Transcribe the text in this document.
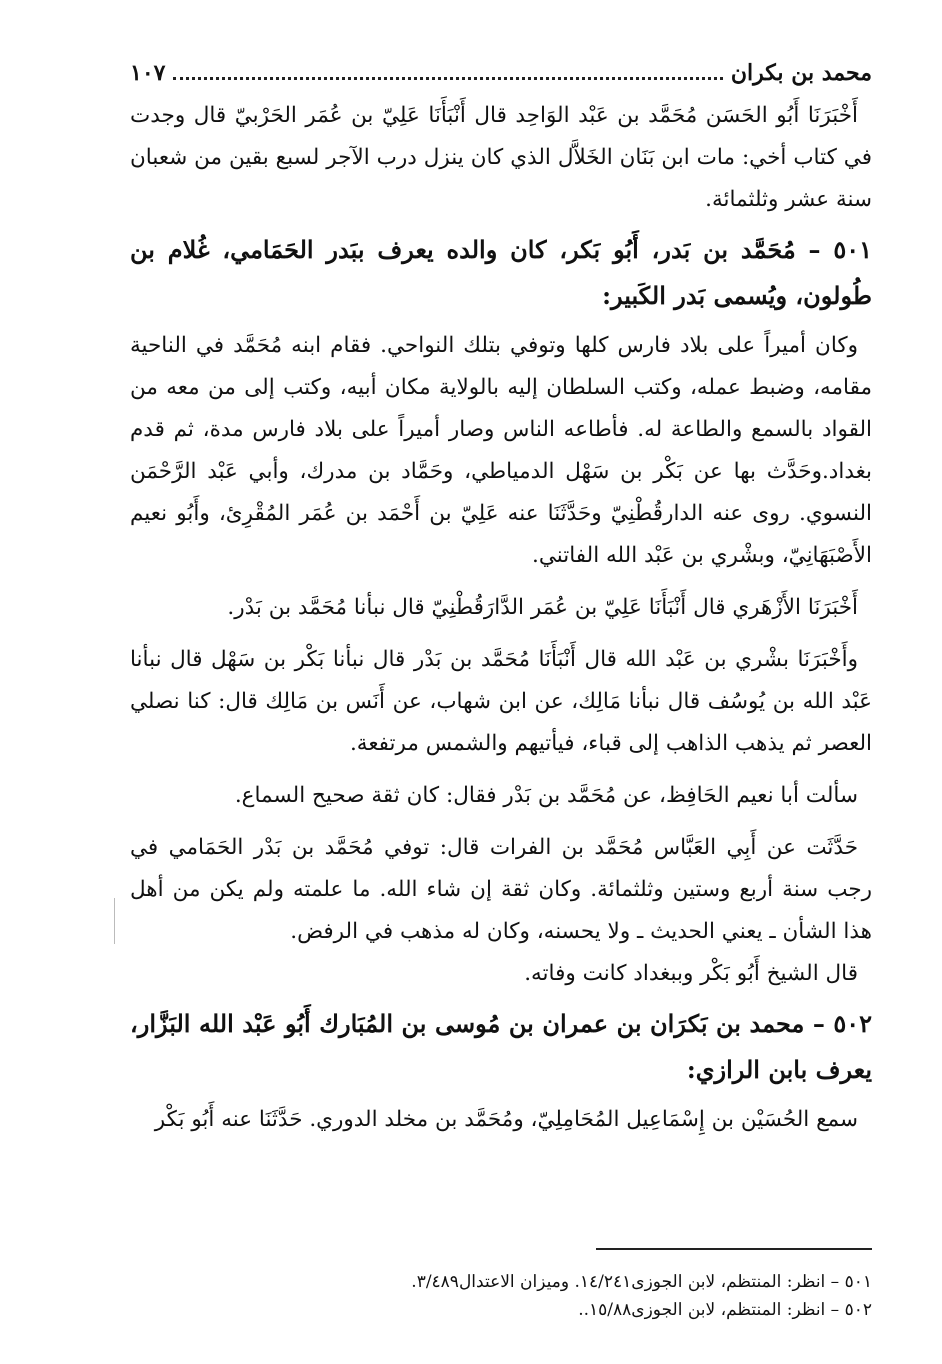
محمد بن بكران
١٠٧

أَخْبَرَنَا أَبُو الحَسَن مُحَمَّد بن عَبْد الوَاحِد قال أَنْبَأَنَا عَلِيّ بن عُمَر الحَرْبيّ قال وجدت في كتاب أخي: مات ابن بَنَان الخَلاَّل الذي كان ينزل درب الآجر لسبع بقين من شعبان سنة عشر وثلثمائة.

٥٠١ – مُحَمَّد بن بَدر، أَبُو بَكر، كان والده يعرف ببَدر الحَمَامي، غُلام بن طُولون، ويُسمى بَدر الكَبير:

وكان أميراً على بلاد فارس كلها وتوفي بتلك النواحي. فقام ابنه مُحَمَّد في الناحية مقامه، وضبط عمله، وكتب السلطان إليه بالولاية مكان أبيه، وكتب إلى من معه من القواد بالسمع والطاعة له. فأطاعه الناس وصار أميراً على بلاد فارس مدة، ثم قدم بغداد.وحَدَّث بها عن بَكْر بن سَهْل الدمياطي، وحَمَّاد بن مدرك، وأبي عَبْد الرَّحْمَن النسوي. روى عنه الدارقُطْنِيّ وحَدَّثَنَا عنه عَلِيّ بن أَحْمَد بن عُمَر المُقْرِئ، وأَبُو نعيم الأَصْبَهَانِيّ، وبشْري بن عَبْد الله الفاتني.

أَخْبَرَنَا الأَزْهَري قال أَنْبَأَنَا عَلِيّ بن عُمَر الدَّارَقُطْنِيّ قال نبأنا مُحَمَّد بن بَدْر.

وأَخْبَرَنَا بشْري بن عَبْد الله قال أَنْبَأَنَا مُحَمَّد بن بَدْر قال نبأنا بَكْر بن سَهْل قال نبأنا عَبْد الله بن يُوسُف قال نبأنا مَالِك، عن ابن شهاب، عن أَنَس بن مَالِك قال: كنا نصلي العصر ثم يذهب الذاهب إلى قباء، فيأتيهم والشمس مرتفعة.

سألت أبا نعيم الحَافِظ، عن مُحَمَّد بن بَدْر فقال: كان ثقة صحيح السماع.

حَدَّثَت عن أَبِي العَبَّاس مُحَمَّد بن الفرات قال: توفي مُحَمَّد بن بَدْر الحَمَامي في رجب سنة أربع وستين وثلثمائة. وكان ثقة إن شاء الله. ما علمته ولم يكن من أهل هذا الشأن ـ يعني الحديث ـ ولا يحسنه، وكان له مذهب في الرفض.

قال الشيخ أَبُو بَكْر وببغداد كانت وفاته.

٥٠٢ – محمد بن بَكرَان بن عمران بن مُوسى بن المُبَارك أَبُو عَبْد الله البَزَّار، يعرف بابن الرازي:

سمع الحُسَيْن بن إِسْمَاعِيل المُحَامِلِيّ، ومُحَمَّد بن مخلد الدوري. حَدَّثَنَا عنه أَبُو بَكْر

٥٠١ – انظر: المنتظم، لابن الجوزى١٤/٢٤١. وميزان الاعتدال٣/٤٨٩.
٥٠٢ – انظر: المنتظم، لابن الجوزى١٥/٨٨..
